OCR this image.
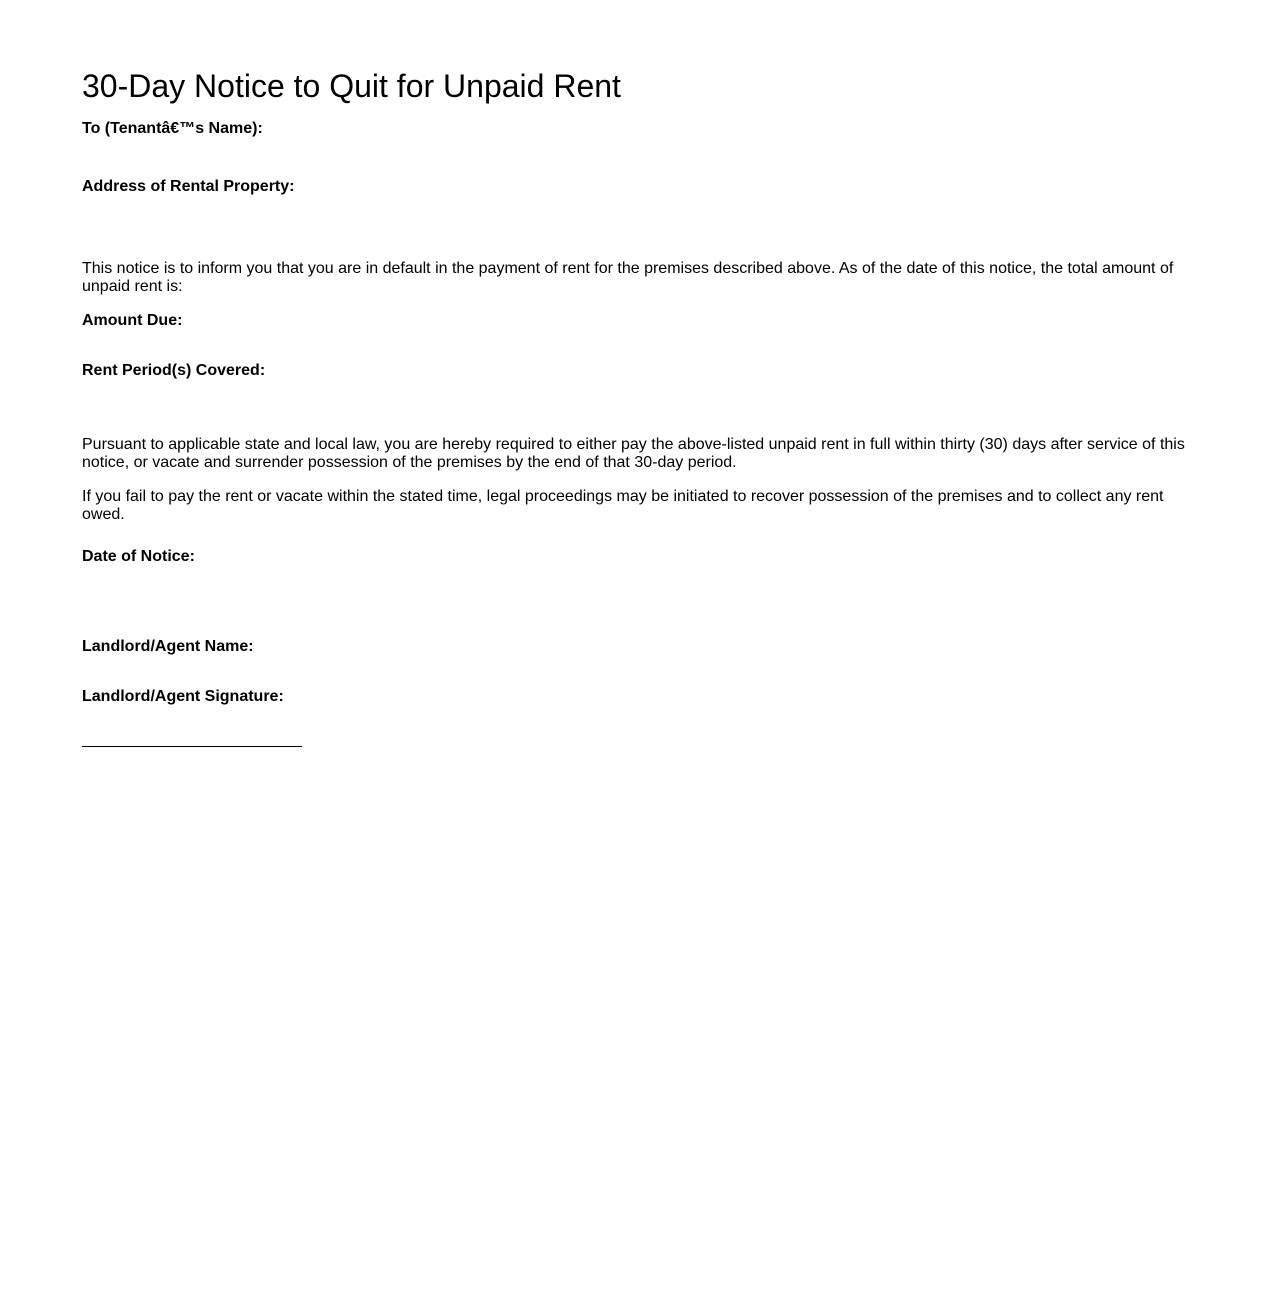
30-Day Notice to Quit for Unpaid Rent
To (Tenantâ€™s Name):
Address of Rental Property:
This notice is to inform you that you are in default in the payment of rent for the premises described above. As of the date of this notice, the total amount of unpaid rent is:
Amount Due:
Rent Period(s) Covered:
Pursuant to applicable state and local law, you are hereby required to either pay the above-listed unpaid rent in full within thirty (30) days after service of this notice, or vacate and surrender possession of the premises by the end of that 30-day period.
If you fail to pay the rent or vacate within the stated time, legal proceedings may be initiated to recover possession of the premises and to collect any rent owed.
Date of Notice:
Landlord/Agent Name:
Landlord/Agent Signature:
